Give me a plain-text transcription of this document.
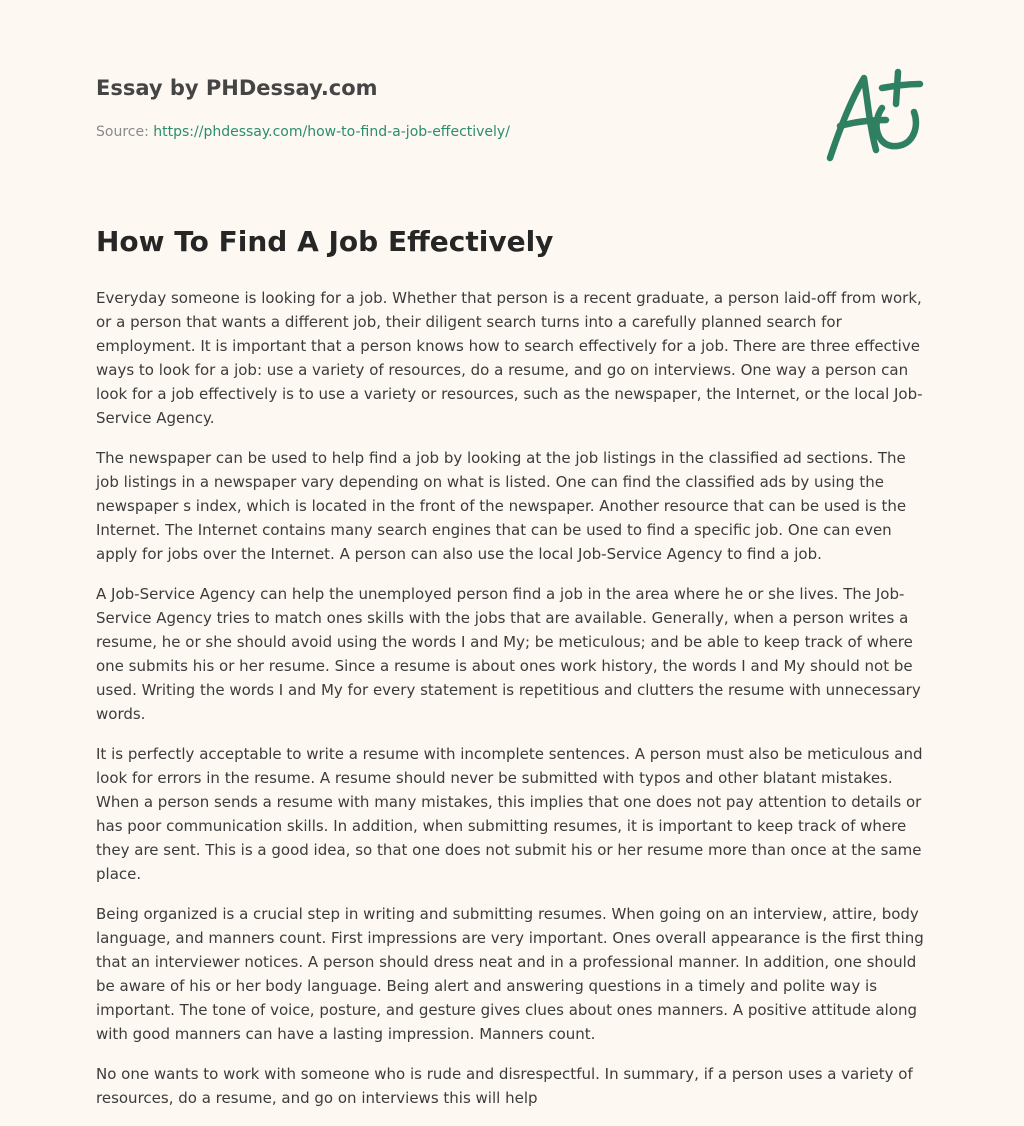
Essay by PHDessay.com
Source: https://phdessay.com/how-to-find-a-job-effectively/
How To Find A Job Effectively

Everyday someone is looking for a job. Whether that person is a recent graduate, a person laid-off from work, or a person that wants a different job, their diligent search turns into a carefully planned search for employment. It is important that a person knows how to search effectively for a job. There are three effective ways to look for a job: use a variety of resources, do a resume, and go on interviews. One way a person can look for a job effectively is to use a variety or resources, such as the newspaper, the Internet, or the local Job-Service Agency.

The newspaper can be used to help find a job by looking at the job listings in the classified ad sections. The job listings in a newspaper vary depending on what is listed. One can find the classified ads by using the newspaper s index, which is located in the front of the newspaper. Another resource that can be used is the Internet. The Internet contains many search engines that can be used to find a specific job. One can even apply for jobs over the Internet. A person can also use the local Job-Service Agency to find a job.

A Job-Service Agency can help the unemployed person find a job in the area where he or she lives. The Job-Service Agency tries to match ones skills with the jobs that are available. Generally, when a person writes a resume, he or she should avoid using the words I and My; be meticulous; and be able to keep track of where one submits his or her resume. Since a resume is about ones work history, the words I and My should not be used. Writing the words I and My for every statement is repetitious and clutters the resume with unnecessary words.

It is perfectly acceptable to write a resume with incomplete sentences. A person must also be meticulous and look for errors in the resume. A resume should never be submitted with typos and other blatant mistakes. When a person sends a resume with many mistakes, this implies that one does not pay attention to details or has poor communication skills. In addition, when submitting resumes, it is important to keep track of where they are sent. This is a good idea, so that one does not submit his or her resume more than once at the same place.

Being organized is a crucial step in writing and submitting resumes. When going on an interview, attire, body language, and manners count. First impressions are very important. Ones overall appearance is the first thing that an interviewer notices. A person should dress neat and in a professional manner. In addition, one should be aware of his or her body language. Being alert and answering questions in a timely and polite way is important. The tone of voice, posture, and gesture gives clues about ones manners. A positive attitude along with good manners can have a lasting impression. Manners count.

No one wants to work with someone who is rude and disrespectful. In summary, if a person uses a variety of resources, do a resume, and go on interviews this will help
